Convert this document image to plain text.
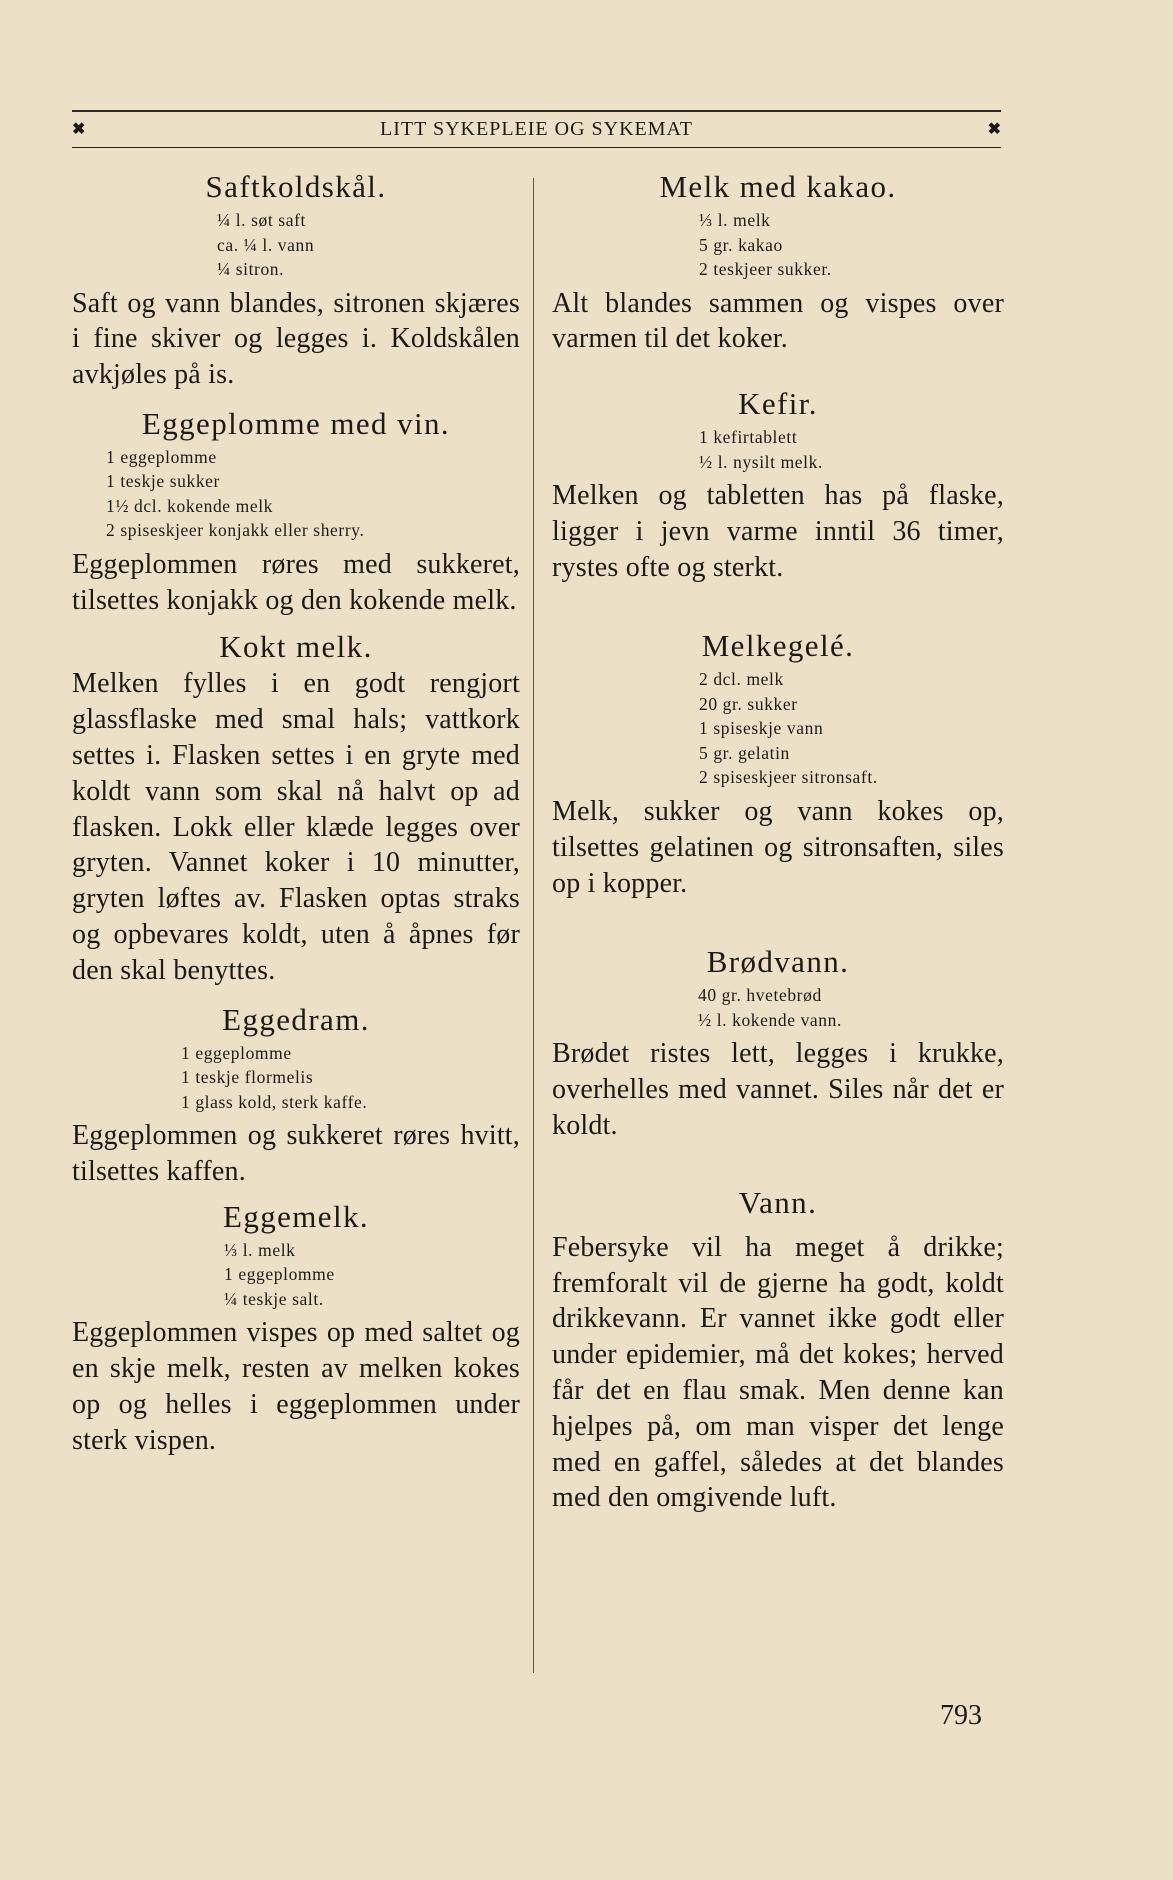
✖	LITT SYKEPLEIE OG SYKEMAT	✖
Saftkoldskål.
¼ l. søt saft
ca. ¼ l. vann
¼ sitron.

Saft og vann blandes, sitronen skjæres i fine skiver og legges i. Koldskålen avkjøles på is.

Eggeplomme med vin.
1 eggeplomme
1 teskje sukker
1½ dcl. kokende melk
2 spiseskjeer konjakk eller sherry.

Eggeplommen røres med sukkeret, tilsettes konjakk og den kokende melk.

Kokt melk.

Melken fylles i en godt rengjort glassflaske med smal hals; vattkork settes i. Flasken settes i en gryte med koldt vann som skal nå halvt op ad flasken. Lokk eller klæde legges over gryten. Vannet koker i 10 minutter, gryten løftes av. Flasken optas straks og opbevares koldt, uten å åpnes før den skal benyttes.

Eggedram.
1 eggeplomme
1 teskje flormelis
1 glass kold, sterk kaffe.

Eggeplommen og sukkeret røres hvitt, tilsettes kaffen.

Eggemelk.
⅓ l. melk
1 eggeplomme
¼ teskje salt.

Eggeplommen vispes op med saltet og en skje melk, resten av melken kokes op og helles i eggeplommen under sterk vispen.

Melk med kakao.
⅓ l. melk
5 gr. kakao
2 teskjeer sukker.

Alt blandes sammen og vispes over varmen til det koker.

Kefir.
1 kefirtablett
½ l. nysilt melk.

Melken og tabletten has på flaske, ligger i jevn varme inntil 36 timer, rystes ofte og sterkt.

Melkegelé.
2 dcl. melk
20 gr. sukker
1 spiseskje vann
5 gr. gelatin
2 spiseskjeer sitronsaft.

Melk, sukker og vann kokes op, tilsettes gelatinen og sitronsaften, siles op i kopper.

Brødvann.
40 gr. hvetebrød
½ l. kokende vann.

Brødet ristes lett, legges i krukke, overhelles med vannet. Siles når det er koldt.

Vann.

Febersyke vil ha meget å drikke; fremforalt vil de gjerne ha godt, koldt drikkevann. Er vannet ikke godt eller under epidemier, må det kokes; herved får det en flau smak. Men denne kan hjelpes på, om man visper det lenge med en gaffel, således at det blandes med den omgivende luft.

793
